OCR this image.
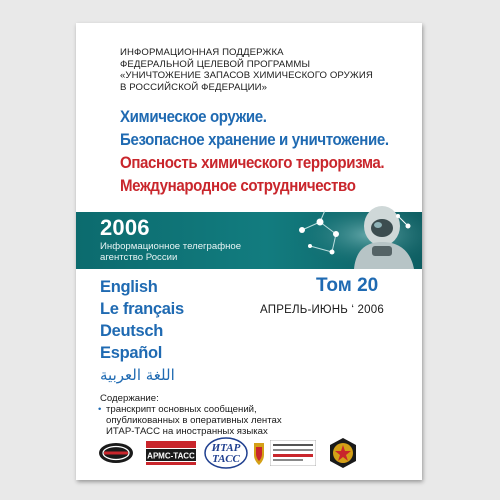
ИНФОРМАЦИОННАЯ ПОДДЕРЖКА
ФЕДЕРАЛЬНОЙ ЦЕЛЕВОЙ ПРОГРАММЫ
«УНИЧТОЖЕНИЕ ЗАПАСОВ ХИМИЧЕСКОГО ОРУЖИЯ
В РОССИЙСКОЙ ФЕДЕРАЦИИ»
Химическое оружие.
Безопасное хранение и уничтожение.
Опасность химического терроризма.
Международное сотрудничество
2006
Информационное телеграфное
агентство России
English
Le français
Deutsch
Español
اللغة العربية
Том 20
АПРЕЛЬ-ИЮНЬ ‘ 2006
Содержание:
• транскрипт основных сообщений,
опубликованных в оперативных лентах
ИТАР-ТАСС на иностранных языках
АРМС-ТАСС
ИТАР
ТАСС
